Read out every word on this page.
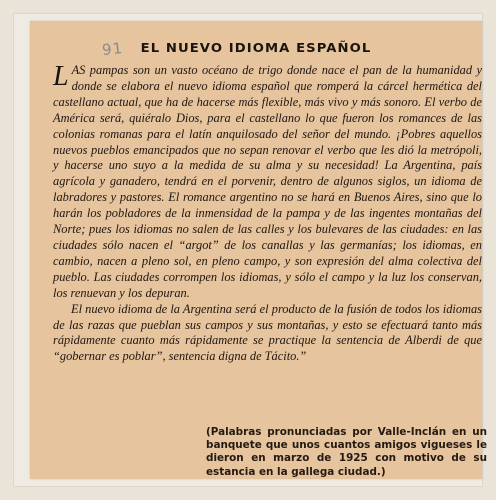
91	EL NUEVO IDIOMA ESPAÑOL

LAS pampas son un vasto océano de trigo donde nace el pan de la humanidad y donde se elabora el nuevo idioma español que romperá la cárcel hermética del castellano actual, que ha de hacerse más flexible, más vivo y más sonoro. El verbo de América será, quiéralo Dios, para el castellano lo que fueron los romances de las colonias romanas para el latín anquilosado del señor del mundo. ¡Pobres aquellos nuevos pueblos emancipados que no sepan renovar el verbo que les dió la metrópoli, y hacerse uno suyo a la medida de su alma y su necesidad! La Argentina, país agrícola y ganadero, tendrá en el porvenir, dentro de algunos siglos, un idioma de labradores y pastores. El romance argentino no se hará en Buenos Aires, sino que lo harán los pobladores de la inmensidad de la pampa y de las ingentes montañas del Norte; pues los idiomas no salen de las calles y los bulevares de las ciudades: en las ciudades sólo nacen el “argot” de los canallas y las germanías; los idiomas, en cambio, nacen a pleno sol, en pleno campo, y son expresión del alma colectiva del pueblo. Las ciudades corrompen los idiomas, y sólo el campo y la luz los conservan, los renuevan y los depuran.

El nuevo idioma de la Argentina será el producto de la fusión de todos los idiomas de las razas que pueblan sus campos y sus montañas, y esto se efectuará tanto más rápidamente cuanto más rápidamente se practique la sentencia de Alberdi de que “gobernar es poblar”, sentencia digna de Tácito.”

(Palabras pronunciadas por Valle-Inclán en un banquete que unos cuantos amigos vigueses le dieron en marzo de 1925 con motivo de su estancia en la gallega ciudad.)
